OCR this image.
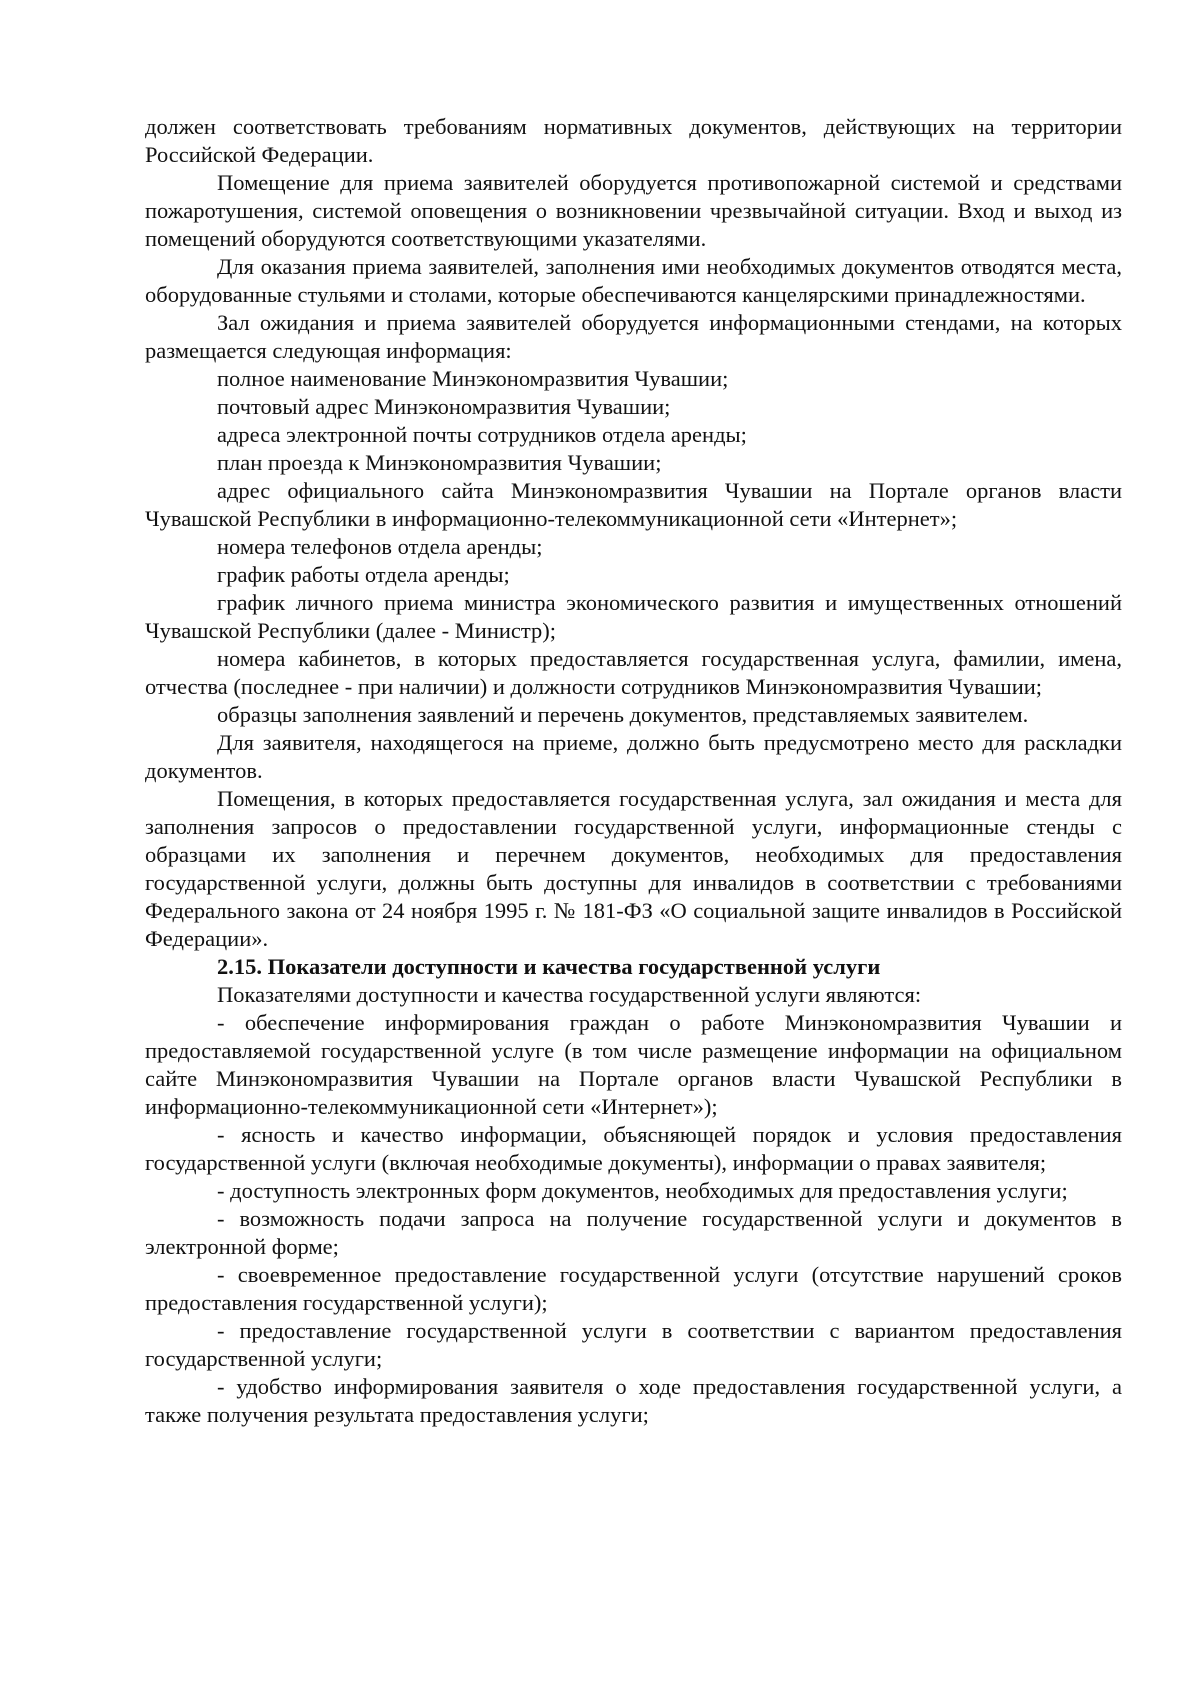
должен соответствовать требованиям нормативных документов, действующих на территории Российской Федерации.

Помещение для приема заявителей оборудуется противопожарной системой и средствами пожаротушения, системой оповещения о возникновении чрезвычайной ситуации. Вход и выход из помещений оборудуются соответствующими указателями.

Для оказания приема заявителей, заполнения ими необходимых документов отводятся места, оборудованные стульями и столами, которые обеспечиваются канцелярскими принадлежностями.

Зал ожидания и приема заявителей оборудуется информационными стендами, на которых размещается следующая информация:

полное наименование Минэкономразвития Чувашии;

почтовый адрес Минэкономразвития Чувашии;

адреса электронной почты сотрудников отдела аренды;

план проезда к Минэкономразвития Чувашии;

адрес официального сайта Минэкономразвития Чувашии на Портале органов власти Чувашской Республики в информационно-телекоммуникационной сети «Интернет»;

номера телефонов отдела аренды;

график работы отдела аренды;

график личного приема министра экономического развития и имущественных отношений Чувашской Республики (далее - Министр);

номера кабинетов, в которых предоставляется государственная услуга, фамилии, имена, отчества (последнее - при наличии) и должности сотрудников Минэкономразвития Чувашии;

образцы заполнения заявлений и перечень документов, представляемых заявителем.

Для заявителя, находящегося на приеме, должно быть предусмотрено место для раскладки документов.

Помещения, в которых предоставляется государственная услуга, зал ожидания и места для заполнения запросов о предоставлении государственной услуги, информационные стенды с образцами их заполнения и перечнем документов, необходимых для предоставления государственной услуги, должны быть доступны для инвалидов в соответствии с требованиями Федерального закона от 24 ноября 1995 г. № 181-ФЗ «О социальной защите инвалидов в Российской Федерации».

2.15. Показатели доступности и качества государственной услуги

Показателями доступности и качества государственной услуги являются:

- обеспечение информирования граждан о работе Минэкономразвития Чувашии и предоставляемой государственной услуге (в том числе размещение информации на официальном сайте Минэкономразвития Чувашии на Портале органов власти Чувашской Республики в информационно-телекоммуникационной сети «Интернет»);

- ясность и качество информации, объясняющей порядок и условия предоставления государственной услуги (включая необходимые документы), информации о правах заявителя;

- доступность электронных форм документов, необходимых для предоставления услуги;

- возможность подачи запроса на получение государственной услуги и документов в электронной форме;

- своевременное предоставление государственной услуги (отсутствие нарушений сроков предоставления государственной услуги);

- предоставление государственной услуги в соответствии с вариантом предоставления государственной услуги;

- удобство информирования заявителя о ходе предоставления государственной услуги, а также получения результата предоставления услуги;
